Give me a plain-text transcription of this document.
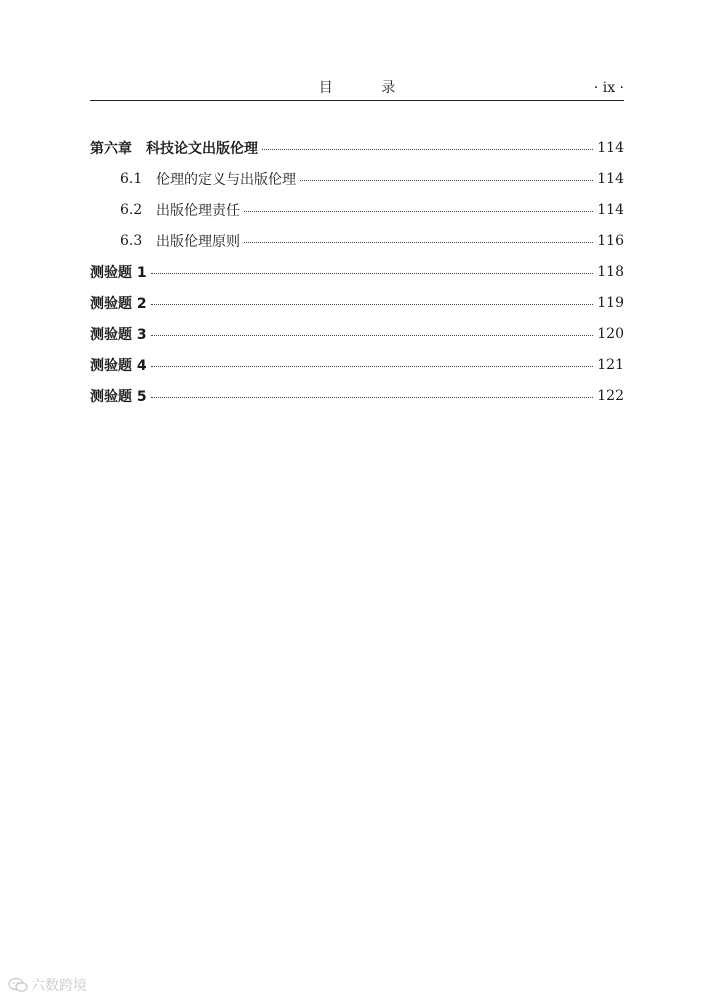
目 录	· ix ·
第六章 科技论文出版伦理	114
6.1 伦理的定义与出版伦理	114
6.2 出版伦理责任	114
6.3 出版伦理原则	116
测验题 1	118
测验题 2	119
测验题 3	120
测验题 4	121
测验题 5	122
六数跨境
